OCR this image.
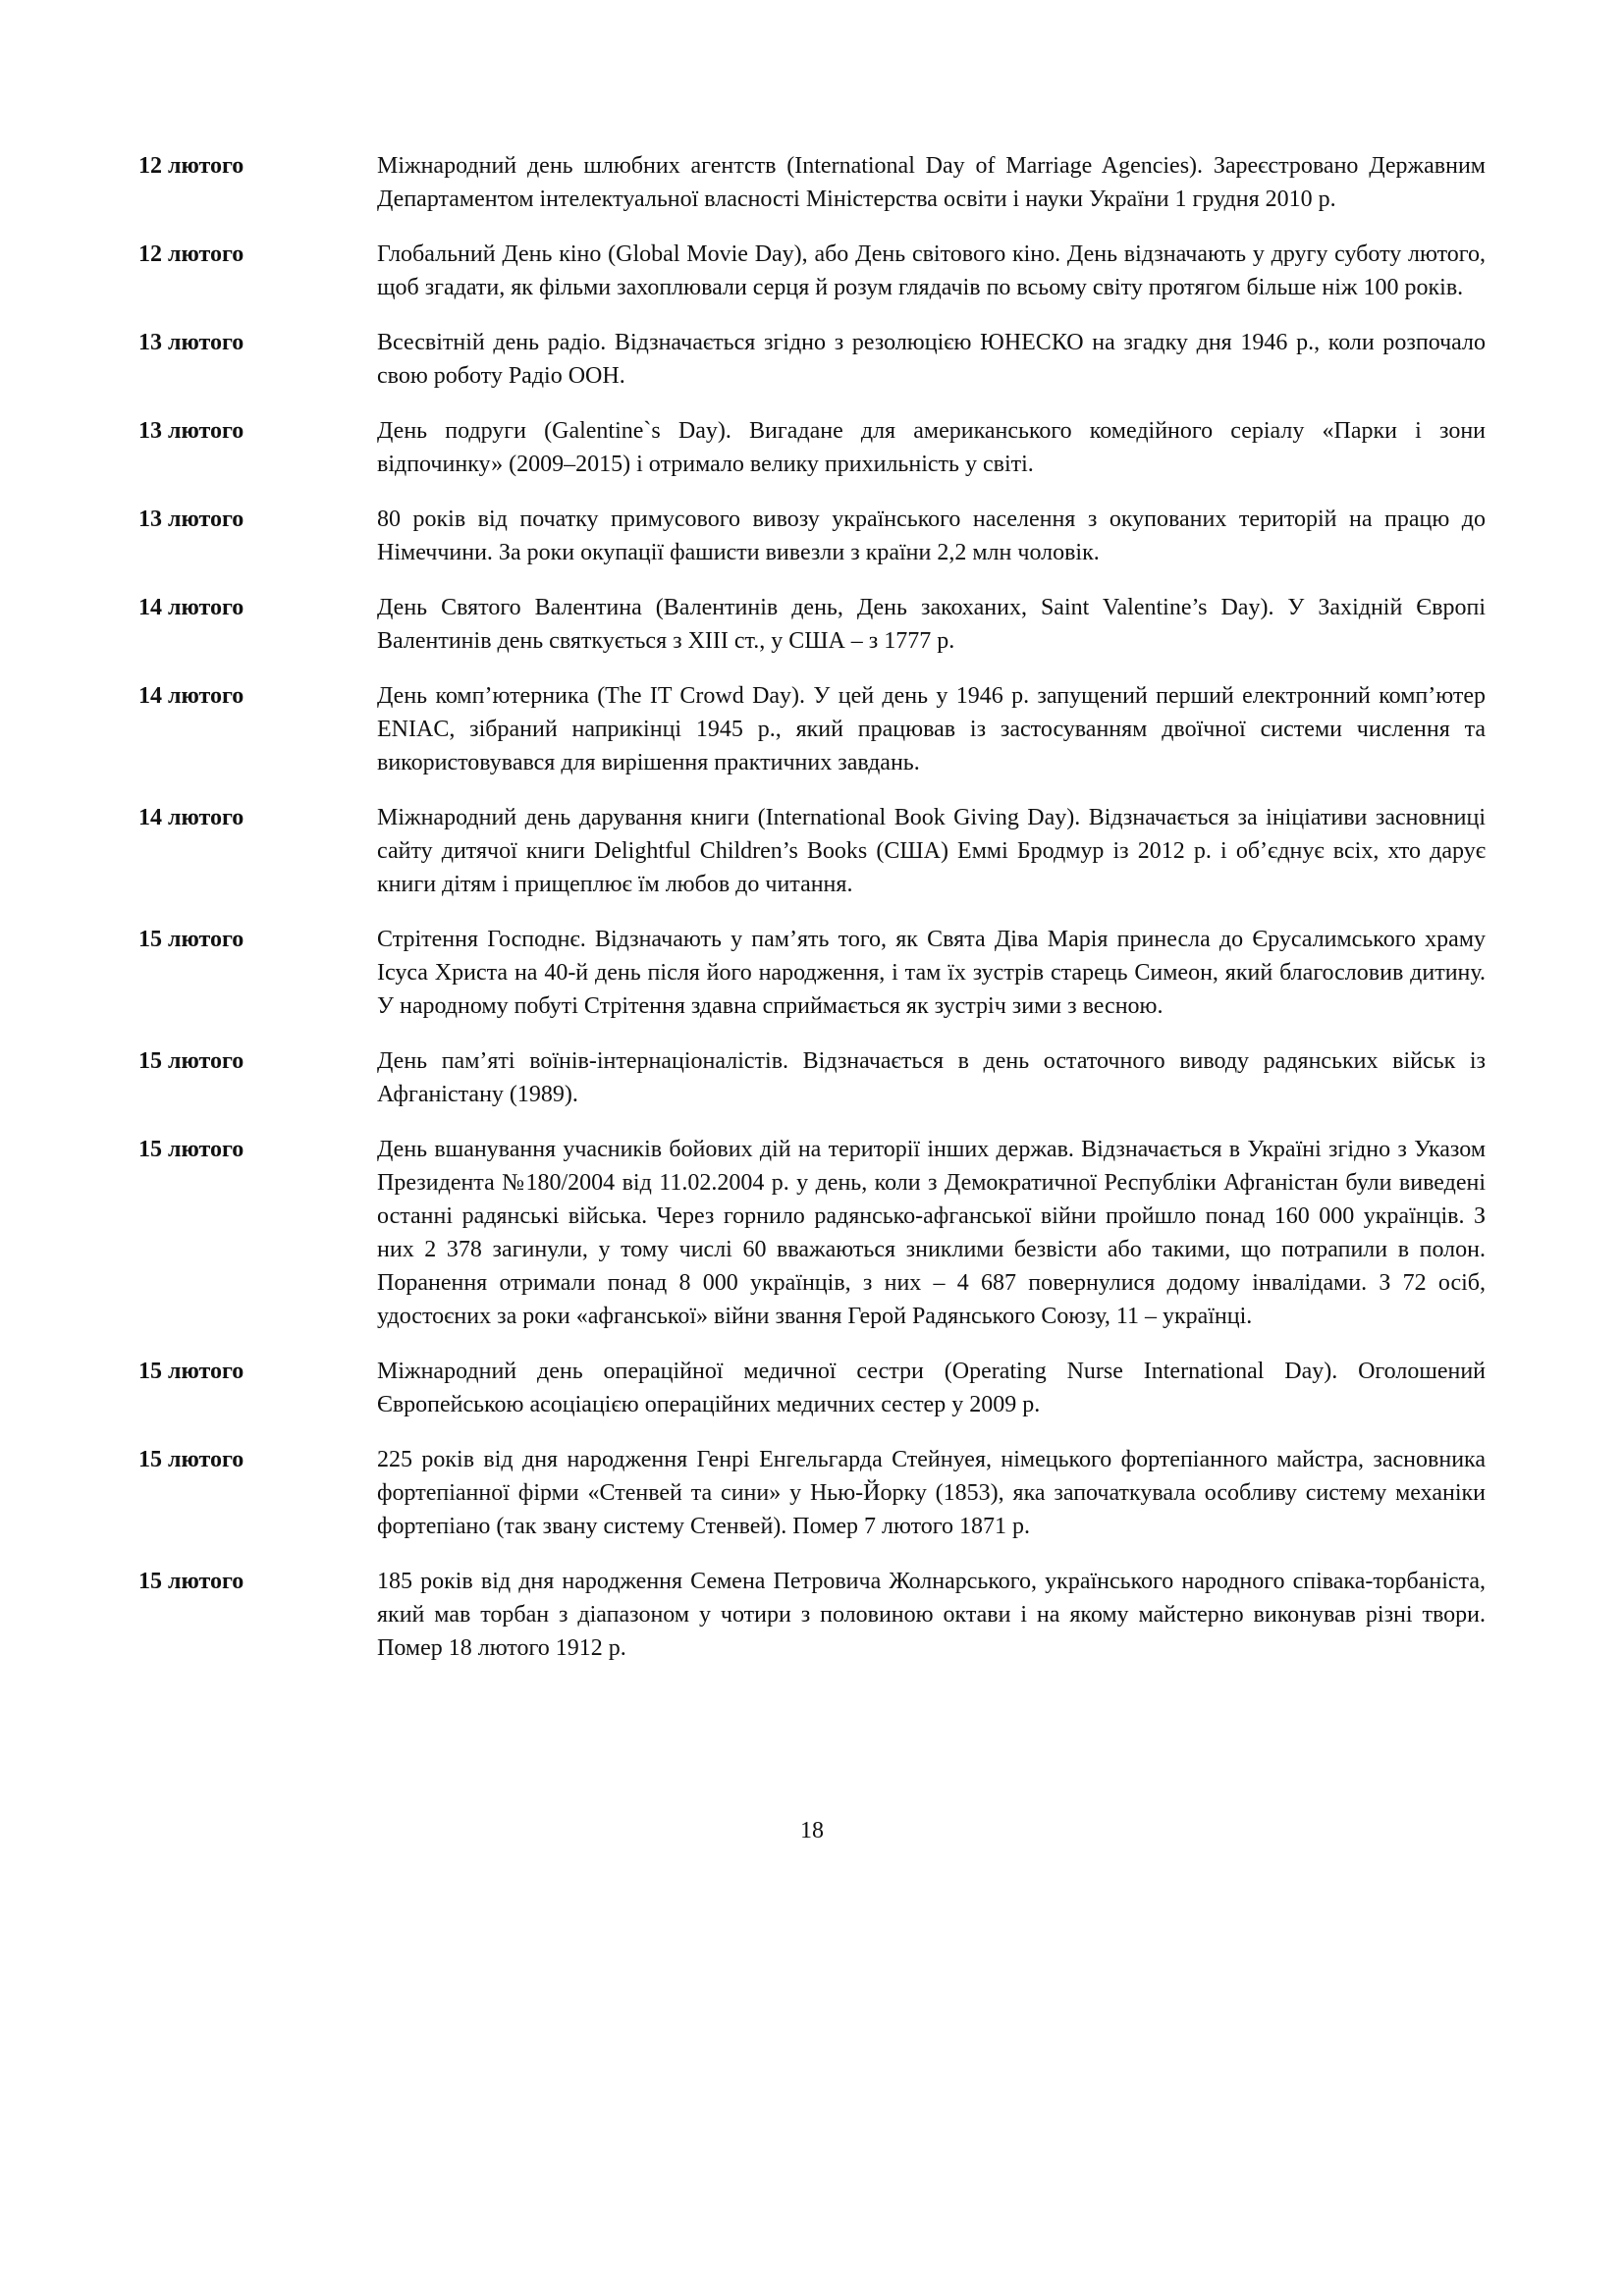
12 лютого	Міжнародний день шлюбних агентств (International Day of Marriage Agencies). Зареєстровано Державним Департаментом інтелектуальної власності Міністерства освіти і науки України 1 грудня 2010 р.
12 лютого	Глобальний День кіно (Global Movie Day), або День світового кіно. День відзначають у другу суботу лютого, щоб згадати, як фільми захоплювали серця й розум глядачів по всьому світу протягом більше ніж 100 років.
13 лютого	Всесвітній день радіо. Відзначається згідно з резолюцією ЮНЕСКО на згадку дня 1946 р., коли розпочало свою роботу Радіо ООН.
13 лютого	День подруги (Galentine`s Day). Вигадане для американського комедійного серіалу «Парки і зони відпочинку» (2009–2015) і отримало велику прихильність у світі.
13 лютого	80 років від початку примусового вивозу українського населення з окупованих територій на працю до Німеччини. За роки окупації фашисти вивезли з країни 2,2 млн чоловік.
14 лютого	День Святого Валентина (Валентинів день, День закоханих, Saint Valentine’s Day). У Західній Європі Валентинів день святкується з XIII ст., у США – з 1777 р.
14 лютого	День комп’ютерника (The IT Crowd Day). У цей день у 1946 р. запущений перший електронний комп’ютер ENIAC, зібраний наприкінці 1945 р., який працював із застосуванням двоїчної системи числення та використовувався для вирішення практичних завдань.
14 лютого	Міжнародний день дарування книги (International Book Giving Day). Відзначається за ініціативи засновниці сайту дитячої книги Delightful Children’s Books (США) Еммі Бродмур із 2012 р. і об’єднує всіх, хто дарує книги дітям і прищеплює їм любов до читання.
15 лютого	Стрітення Господнє. Відзначають у пам’ять того, як Свята Діва Марія принесла до Єрусалимського храму Ісуса Христа на 40-й день після його народження, і там їх зустрів старець Симеон, який благословив дитину. У народному побуті Стрітення здавна сприймається як зустріч зими з весною.
15 лютого	День пам’яті воїнів-інтернаціоналістів. Відзначається в день остаточного виводу радянських військ із Афганістану (1989).
15 лютого	День вшанування учасників бойових дій на території інших держав. Відзначається в Україні згідно з Указом Президента №180/2004 від 11.02.2004 р. у день, коли з Демократичної Республіки Афганістан були виведені останні радянські війська. Через горнило радянсько-афганської війни пройшло понад 160 000 українців. З них 2 378 загинули, у тому числі 60 вважаються зниклими безвісти або такими, що потрапили в полон. Поранення отримали понад 8 000 українців, з них – 4 687 повернулися додому інвалідами. З 72 осіб, удостоєних за роки «афганської» війни звання Герой Радянського Союзу, 11 – українці.
15 лютого	Міжнародний день операційної медичної сестри (Operating Nurse International Day). Оголошений Європейською асоціацією операційних медичних сестер у 2009 р.
15 лютого	225 років від дня народження Генрі Енгельгарда Стейнуея, німецького фортепіанного майстра, засновника фортепіанної фірми «Стенвей та сини» у Нью-Йорку (1853), яка започаткувала особливу систему механіки фортепіано (так звану систему Стенвей). Помер 7 лютого 1871 р.
15 лютого	185 років від дня народження Семена Петровича Жолнарського, українського народного співака-торбаніста, який мав торбан з діапазоном у чотири з половиною октави і на якому майстерно виконував різні твори. Помер 18 лютого 1912 р.
18
